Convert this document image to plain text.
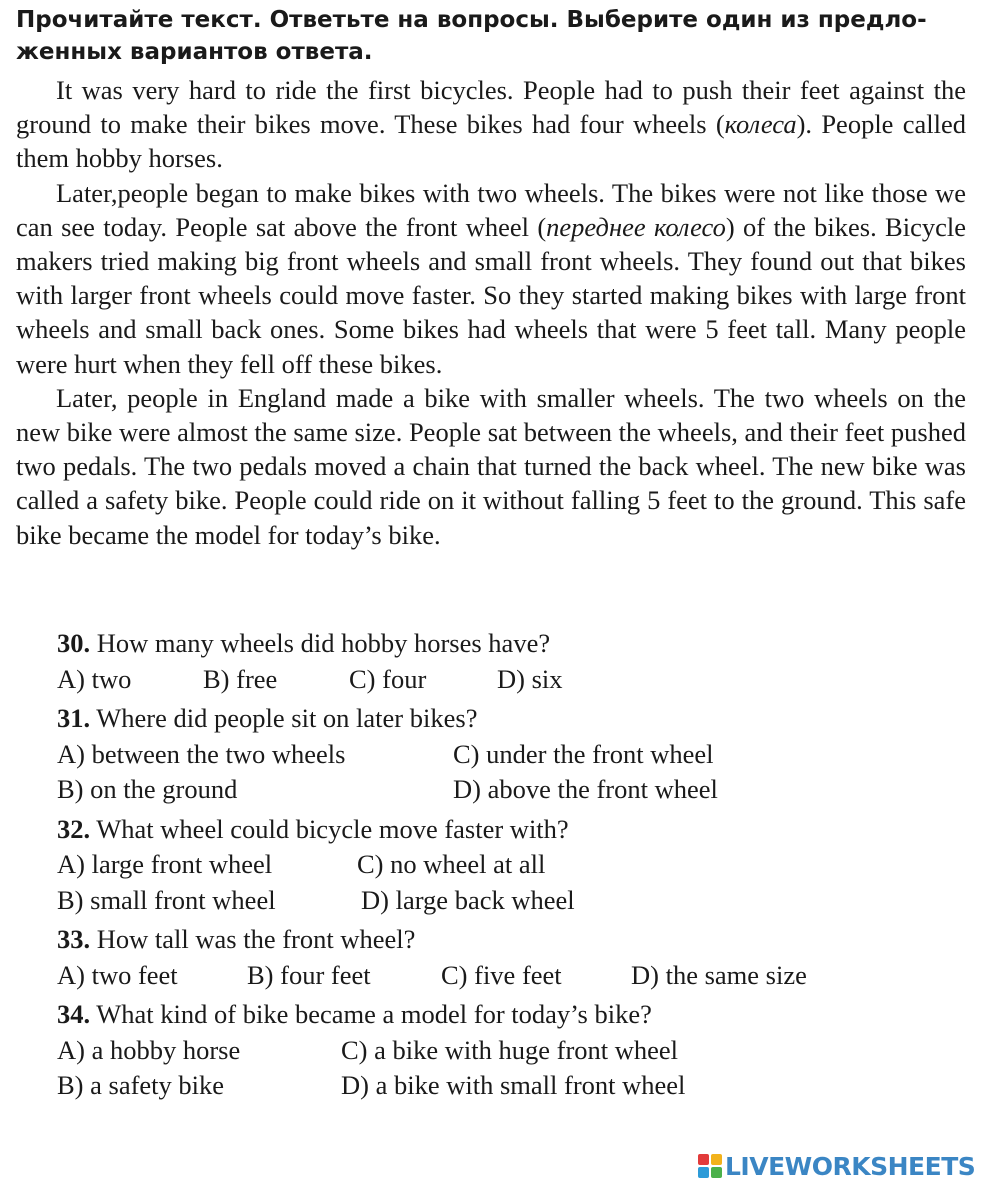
Прочитайте текст. Ответьте на вопросы. Выберите один из предло-женных вариантов ответа.

It was very hard to ride the first bicycles. People had to push their feet against the ground to make their bikes move. These bikes had four wheels (колеса). People called them hobby horses.

Later,people began to make bikes with two wheels. The bikes were not like those we can see today. People sat above the front wheel (переднее колесо) of the bikes. Bicycle makers tried making big front wheels and small front wheels. They found out that bikes with larger front wheels could move faster. So they started making bikes with large front wheels and small back ones. Some bikes had wheels that were 5 feet tall. Many people were hurt when they fell off these bikes.

Later, people in England made a bike with smaller wheels. The two wheels on the new bike were almost the same size. People sat between the wheels, and their feet pushed two pedals. The two pedals moved a chain that turned the back wheel. The new bike was called a safety bike. People could ride on it without falling 5 feet to the ground. This safe bike became the model for today’s bike.

30. How many wheels did hobby horses have?
A) two	B) free	C) four	D) six
31. Where did people sit on later bikes?
A) between the two wheels	C) under the front wheel
B) on the ground	D) above the front wheel
32. What wheel could bicycle move faster with?
A) large front wheel	C) no wheel at all
B) small front wheel	D) large back wheel
33. How tall was the front wheel?
A) two feet	B) four feet	C) five feet	D) the same size
34. What kind of bike became a model for today’s bike?
A) a hobby horse	C) a bike with huge front wheel
B) a safety bike	D) a bike with small front wheel
LIVEWORKSHEETS
